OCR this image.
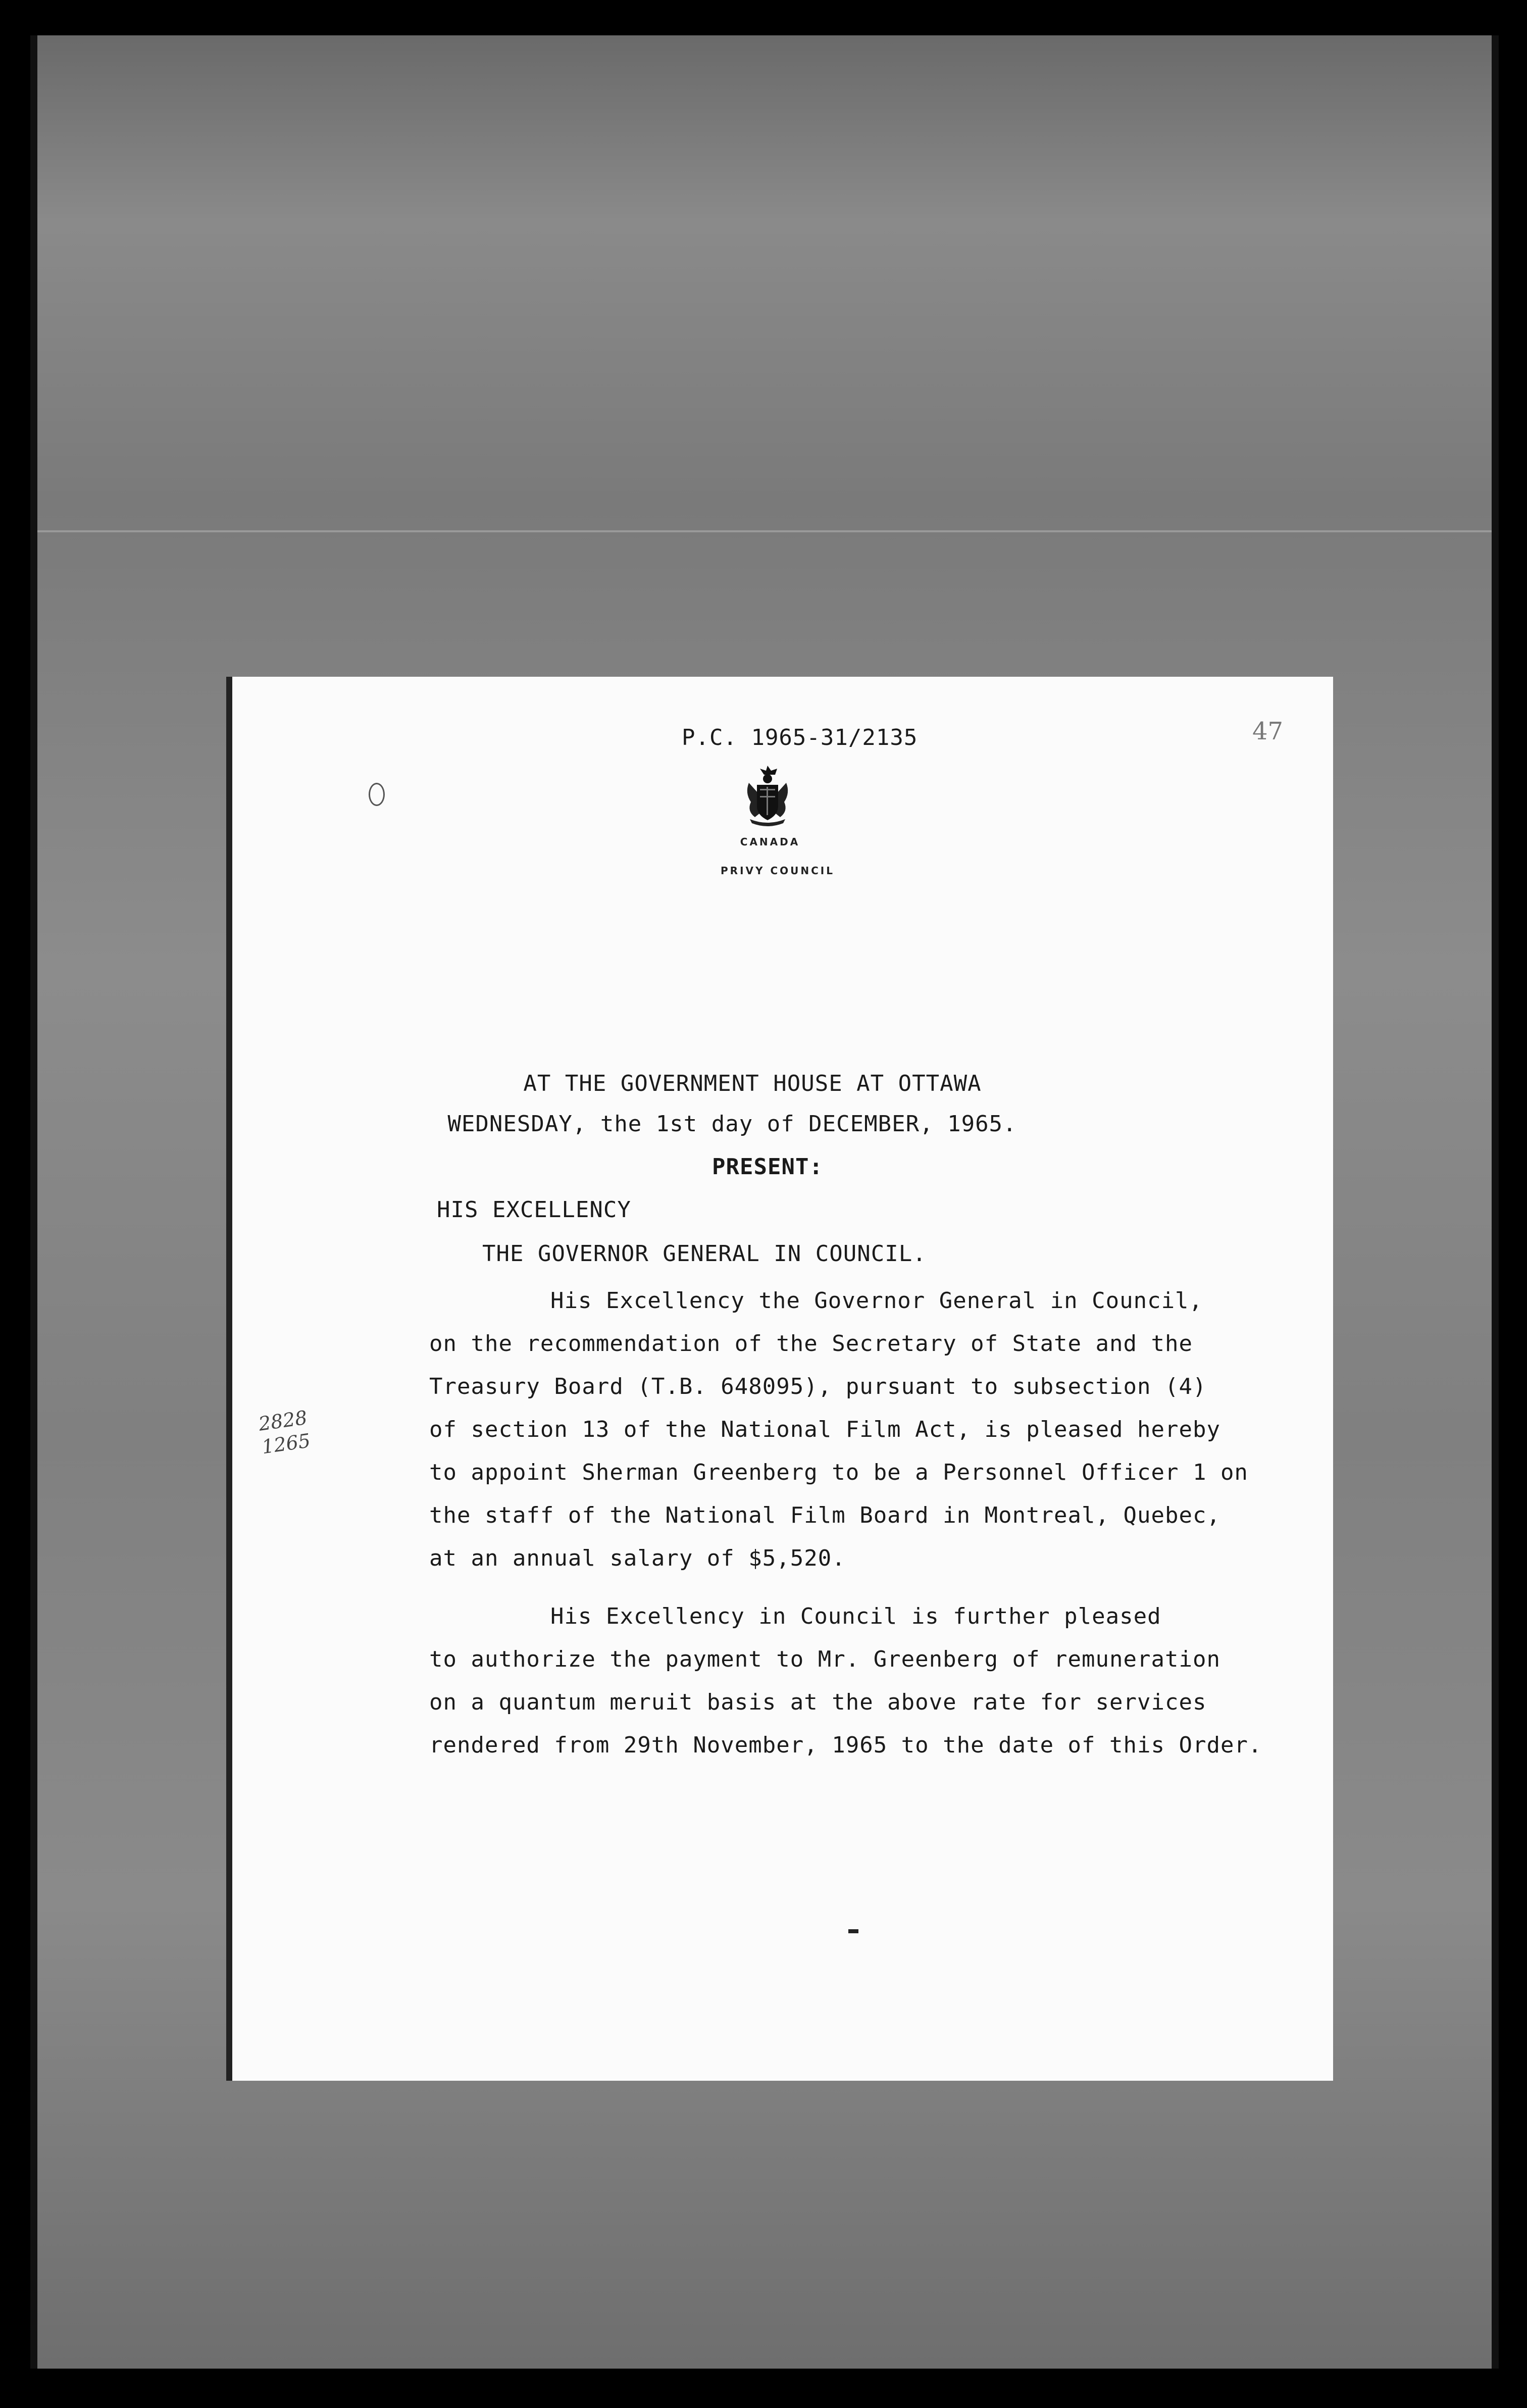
P.C. 1965-31/2135	47
CANADA
PRIVY COUNCIL
AT THE GOVERNMENT HOUSE AT OTTAWA
WEDNESDAY, the 1st day of DECEMBER, 1965.
PRESENT:
HIS EXCELLENCY
THE GOVERNOR GENERAL IN COUNCIL.
His Excellency the Governor General in Council,
on the recommendation of the Secretary of State and the
Treasury Board (T.B. 648095), pursuant to subsection (4)
of section 13 of the National Film Act, is pleased hereby
to appoint Sherman Greenberg to be a Personnel Officer 1 on
the staff of the National Film Board in Montreal, Quebec,
at an annual salary of $5,520.
His Excellency in Council is further pleased
to authorize the payment to Mr. Greenberg of remuneration
on a quantum meruit basis at the above rate for services
rendered from 29th November, 1965 to the date of this Order.
2828
1265
